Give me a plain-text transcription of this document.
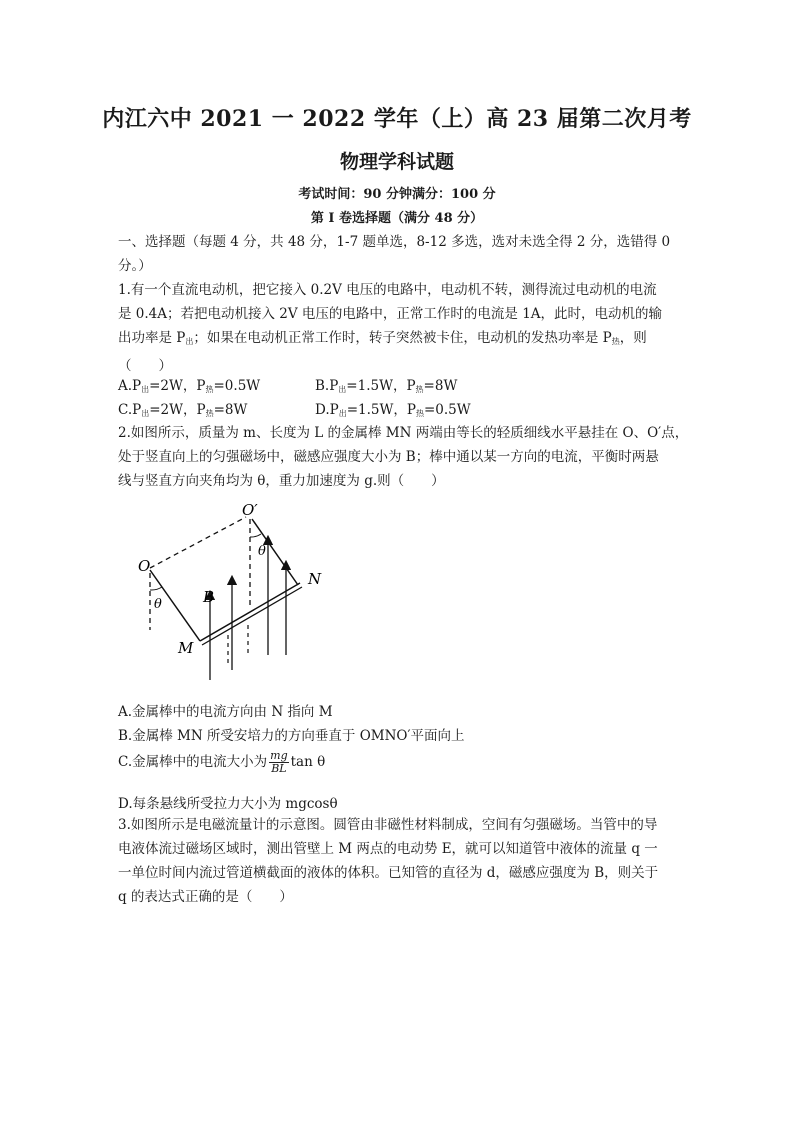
内江六中 2021 一 2022 学年（上）高 23 届第二次月考
物理学科试题
考试时间：90 分钟满分：100 分
第 I 卷选择题（满分 48 分）
一、选择题（每题 4 分，共 48 分，1-7 题单选，8-12 多选，选对未选全得 2 分，选错得 0
分。）
1.有一个直流电动机，把它接入 0.2V 电压的电路中，电动机不转，测得流过电动机的电流
是 0.4A；若把电动机接入 2V 电压的电路中，正常工作时的电流是 1A，此时，电动机的输
出功率是 $P_出$；如果在电动机正常工作时，转子突然被卡住，电动机的发热功率是 $P_热$，则
（　　）
$A.P_出=2W$，$P_热=0.5W$	$B.P_出=1.5W$，$P_热=8W$
$C.P_出=2W$，$P_热=8W$	$D.P_出=1.5W$，$P_热=0.5W$
2.如图所示，质量为 m、长度为 L 的金属棒 MN 两端由等长的轻质细线水平悬挂在 O、O′点，
处于竖直向上的匀强磁场中，磁感应强度大小为 B；棒中通以某一方向的电流，平衡时两悬
线与竖直方向夹角均为 θ，重力加速度为 g.则（　　）
O
O′
θ
θ
B
M
N
A.金属棒中的电流方向由 N 指向 M
B.金属棒 MN 所受安培力的方向垂直于 OMNO′平面向上
C.金属棒中的电流大小为 $\frac{mg}{BL}$ tan θ
D.每条悬线所受拉力大小为 mgcosθ
3.如图所示是电磁流量计的示意图。圆管由非磁性材料制成，空间有匀强磁场。当管中的导
电液体流过磁场区域时，测出管壁上 M 两点的电动势 E，就可以知道管中液体的流量 q 一
一单位时间内流过管道横截面的液体的体积。已知管的直径为 d，磁感应强度为 B，则关于
q 的表达式正确的是（　　）
